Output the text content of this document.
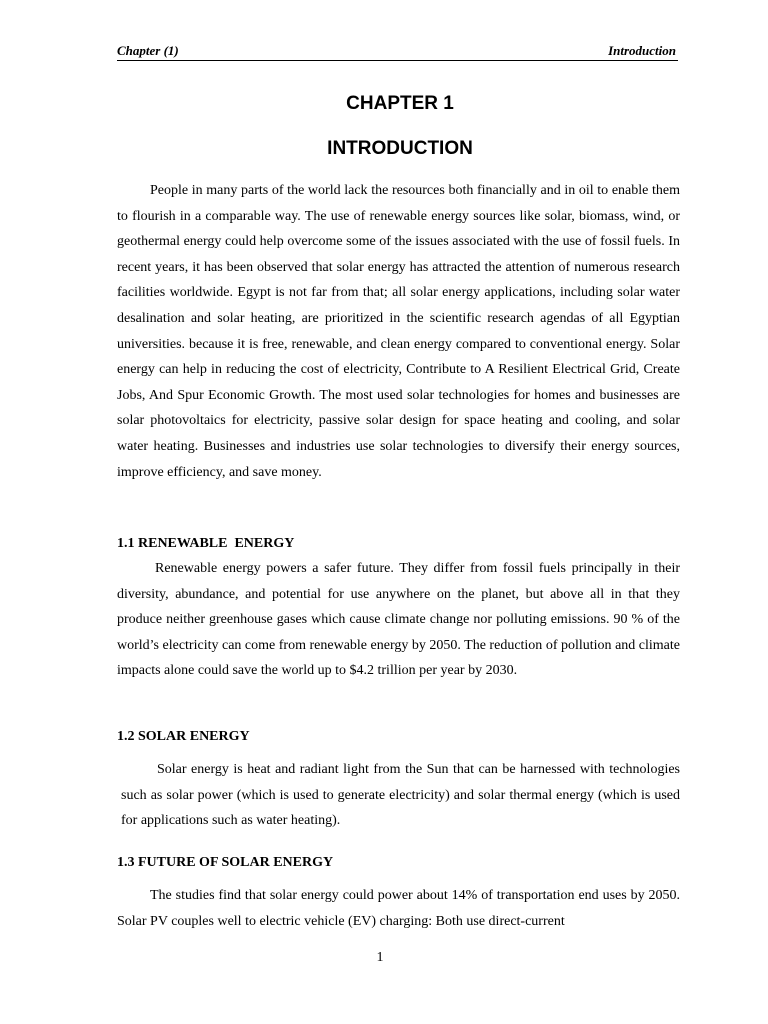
Chapter (1)	Introduction
CHAPTER 1
INTRODUCTION

People in many parts of the world lack the resources both financially and in oil to enable them to flourish in a comparable way. The use of renewable energy sources like solar, biomass, wind, or geothermal energy could help overcome some of the issues associated with the use of fossil fuels. In recent years, it has been observed that solar energy has attracted the attention of numerous research facilities worldwide. Egypt is not far from that; all solar energy applications, including solar water desalination and solar heating, are prioritized in the scientific research agendas of all Egyptian universities. because it is free, renewable, and clean energy compared to conventional energy. Solar energy can help in reducing the cost of electricity, Contribute to A Resilient Electrical Grid, Create Jobs, And Spur Economic Growth. The most used solar technologies for homes and businesses are solar photovoltaics for electricity, passive solar design for space heating and cooling, and solar water heating. Businesses and industries use solar technologies to diversify their energy sources, improve efficiency, and save money.

1.1 RENEWABLE  ENERGY

Renewable energy powers a safer future. They differ from fossil fuels principally in their diversity, abundance, and potential for use anywhere on the planet, but above all in that they produce neither greenhouse gases which cause climate change nor polluting emissions. 90 % of the world’s electricity can come from renewable energy by 2050. The reduction of pollution and climate impacts alone could save the world up to $4.2 trillion per year by 2030.

1.2 SOLAR ENERGY

Solar energy is heat and radiant light from the Sun that can be harnessed with technologies such as solar power (which is used to generate electricity) and solar thermal energy (which is used for applications such as water heating).

1.3 FUTURE OF SOLAR ENERGY

The studies find that solar energy could power about 14% of transportation end uses by 2050. Solar PV couples well to electric vehicle (EV) charging: Both use direct-current

1
